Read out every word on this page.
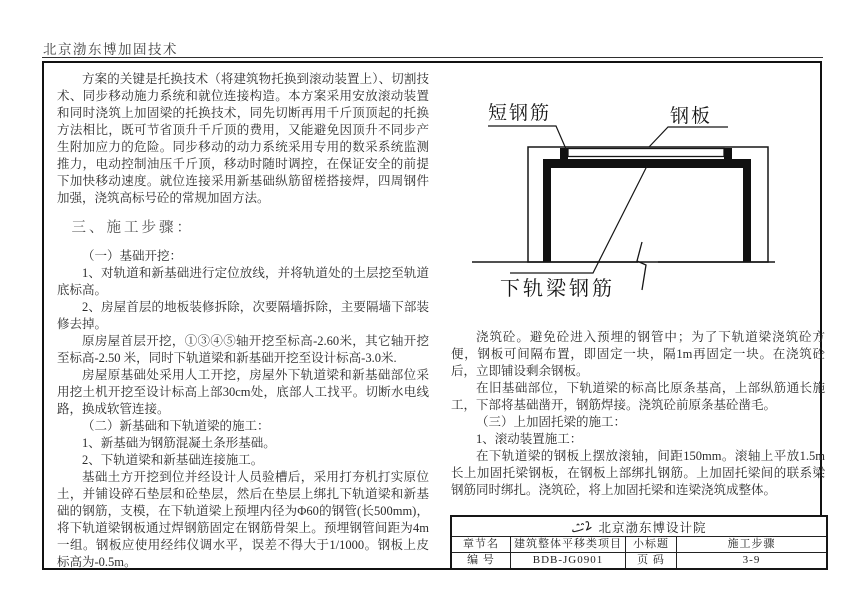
北京渤东博加固技术

方案的关键是托换技术（将建筑物托换到滚动装置上）、切割技术、同步移动施力系统和就位连接构造。本方案采用安放滚动装置和同时浇筑上加固梁的托换技术，同先切断再用千斤顶顶起的托换方法相比，既可节省顶升千斤顶的费用，又能避免因顶升不同步产生附加应力的危险。同步移动的动力系统采用专用的数采系统监测推力，电动控制油压千斤顶，移动时随时调控，在保证安全的前提下加快移动速度。就位连接采用新基础纵筋留槎搭接焊，四周钢件加强，浇筑高标号砼的常规加固方法。

三、施工步骤：

（一）基础开挖：

1、对轨道和新基础进行定位放线，并将轨道处的土层挖至轨道底标高。

2、房屋首层的地板装修拆除，次要隔墙拆除，主要隔墙下部装修去掉。

原房屋首层开挖，①③④⑤轴开挖至标高-2.60米，其它轴开挖至标高-2.50 米，同时下轨道梁和新基础开挖至设计标高-3.0米.

房屋原基础处采用人工开挖，房屋外下轨道梁和新基础部位采用挖土机开挖至设计标高上部30cm处，底部人工找平。切断水电线路，换成软管连接。

（二）新基础和下轨道梁的施工：

1、新基础为钢筋混凝土条形基础。

2、下轨道梁和新基础连接施工。

基础土方开挖到位并经设计人员验槽后，采用打夯机打实原位土，并铺设碎石垫层和砼垫层，然后在垫层上绑扎下轨道梁和新基础的钢筋，支模，在下轨道梁上预埋内径为Φ60的钢管(长500mm)，将下轨道梁钢板通过焊钢筋固定在钢筋骨架上。预埋钢管间距为4m一组。钢板应使用经纬仪调水平，误差不得大于1/1000。钢板上皮标高为-0.5m。

短钢筋	钢板
下轨梁钢筋

浇筑砼。避免砼进入预埋的钢管中；为了下轨道梁浇筑砼方便，钢板可间隔布置，即固定一块，隔1m再固定一块。在浇筑砼后，立即铺设剩余钢板。

在旧基础部位，下轨道梁的标高比原条基高，上部纵筋通长施工，下部将基础凿开，钢筋焊接。浇筑砼前原条基砼凿毛。

（三）上加固托梁的施工：

1、滚动装置施工：

在下轨道梁的钢板上摆放滚轴，间距150mm。滚轴上平放1.5m长上加固托梁钢板，在钢板上部绑扎钢筋。上加固托梁间的联系梁钢筋同时绑扎。浇筑砼，将上加固托梁和连梁浇筑成整体。

北京渤东博设计院
章节名	建筑整体平移类项目	小标题	施工步骤
编 号	BDB-JG0901	页 码	3-9
